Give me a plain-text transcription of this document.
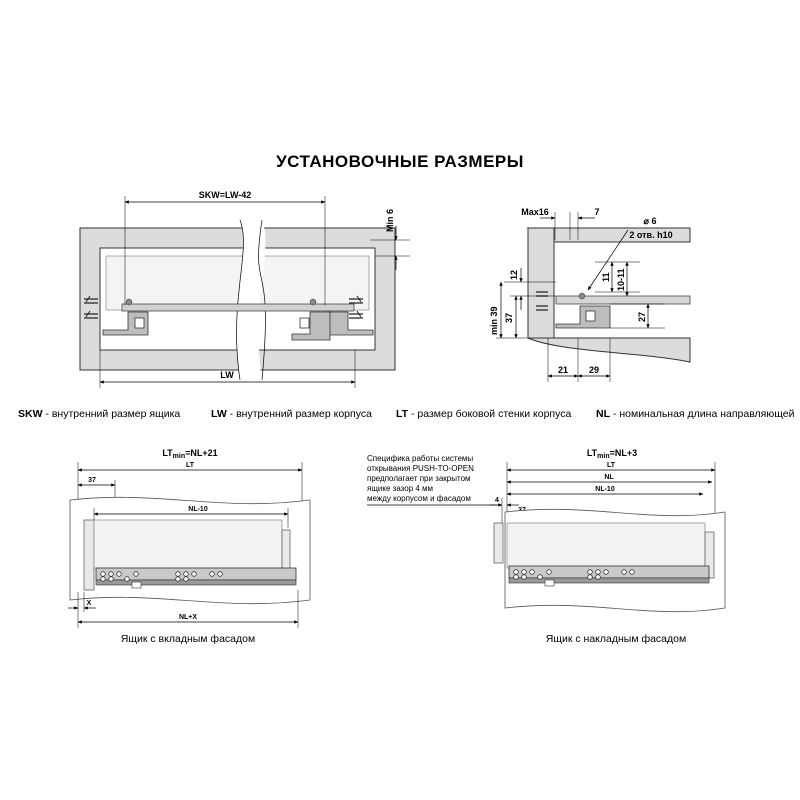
УСТАНОВОЧНЫЕ РАЗМЕРЫ
SKW=LW-42
Min 6
LW
Max16	7
⌀ 6
2 отв. h10
12
37
min 39
11 10-11
27
21 29
SKW - внутренний размер ящика	LW - внутренний размер корпуса LT - размер боковой стенки корпуса NL - номинальная длина направляющей
$LT_{min}=NL+21$
LT
37
NL-10
X
NL+X
Ящик с вкладным фасадом
Специфика работы системы
открывания PUSH-TO-OPEN
предполагает при закрытом
ящике зазор 4 мм
между корпусом и фасадом
$LT_{min}=NL+3$
LT
NL
NL-10
4
Ящик с накладным фасадом
